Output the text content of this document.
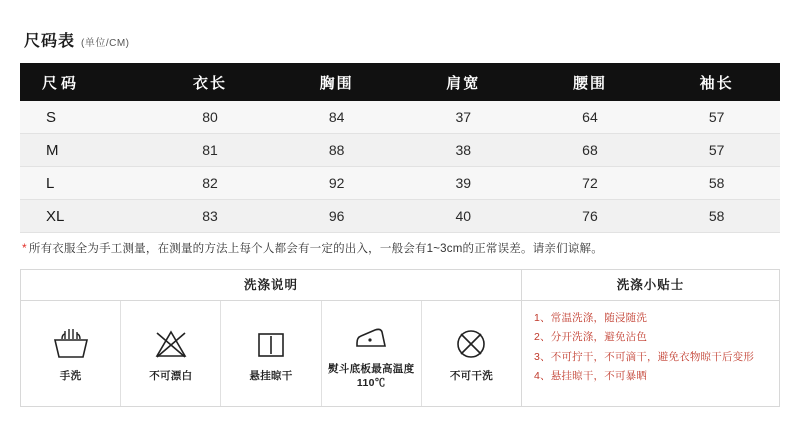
尺码表 (单位/CM)
尺码	衣长	胸围	肩宽	腰围	袖长
S	80	84	37	64	57
M	81	88	38	68	57
L	82	92	39	72	58
XL	83	96	40	76	58
* 所有衣服全为手工测量，在测量的方法上每个人都会有一定的出入，一般会有1~3cm的正常误差。请亲们谅解。
洗涤说明
手洗	不可漂白	悬挂晾干
熨斗底板最高温度110℃
不可干洗
洗涤小贴士
1、常温洗涤，随浸随洗
2、分开洗涤，避免沾色
3、不可拧干，不可滴干，避免衣物晾干后变形
4、悬挂晾干，不可暴晒
